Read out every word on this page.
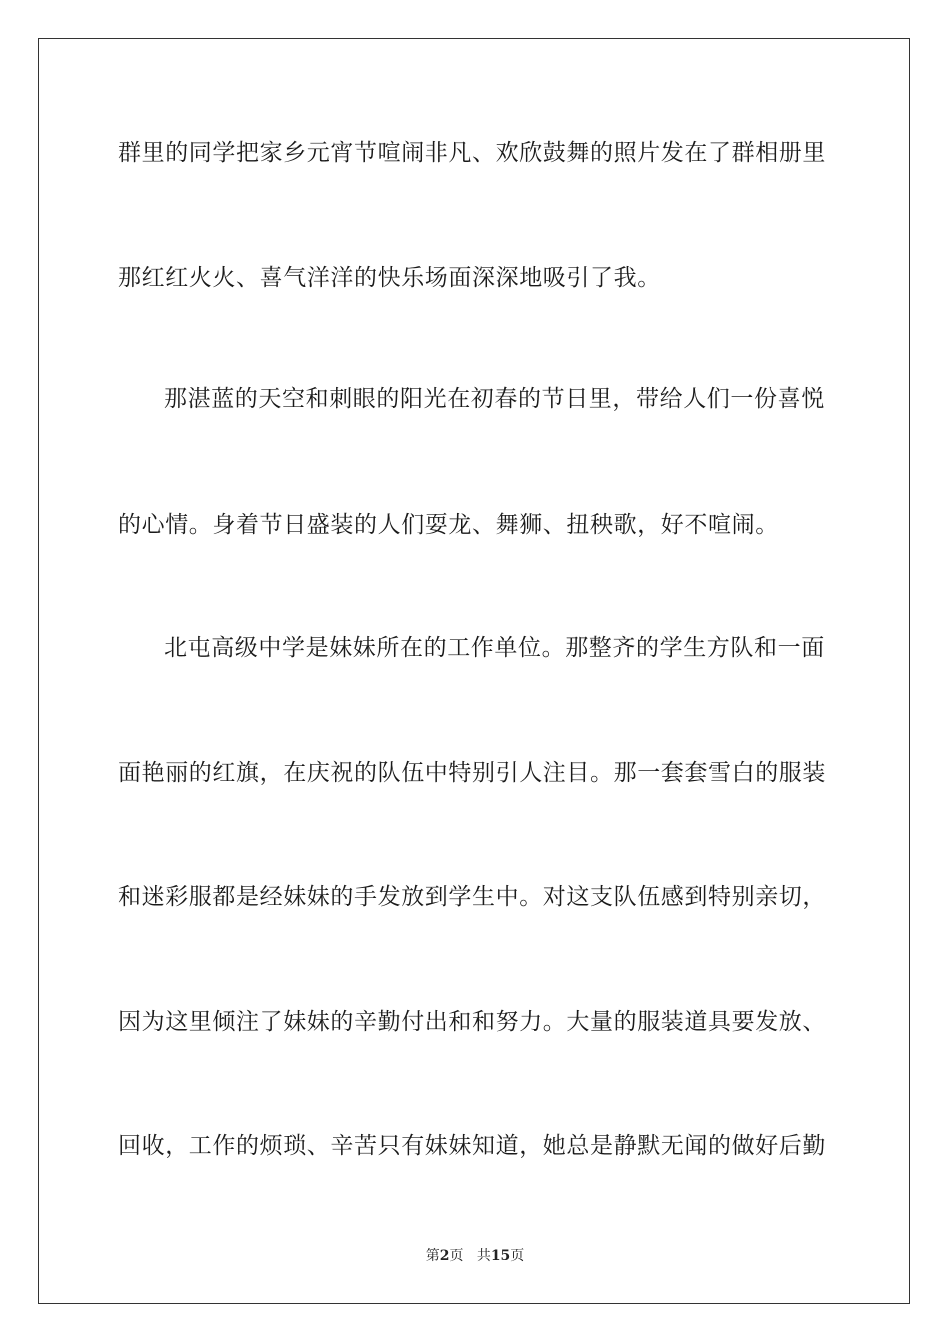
群里的同学把家乡元宵节喧闹非凡、欢欣鼓舞的照片发在了群相册里
那红红火火、喜气洋洋的快乐场面深深地吸引了我。
那湛蓝的天空和刺眼的阳光在初春的节日里，带给人们一份喜悦
的心情。身着节日盛装的人们耍龙、舞狮、扭秧歌，好不喧闹。
北屯高级中学是妹妹所在的工作单位。那整齐的学生方队和一面
面艳丽的红旗，在庆祝的队伍中特别引人注目。那一套套雪白的服装
和迷彩服都是经妹妹的手发放到学生中。对这支队伍感到特别亲切，
因为这里倾注了妹妹的辛勤付出和和努力。大量的服装道具要发放、
回收，工作的烦琐、辛苦只有妹妹知道，她总是静默无闻的做好后勤
第2页 共15页
